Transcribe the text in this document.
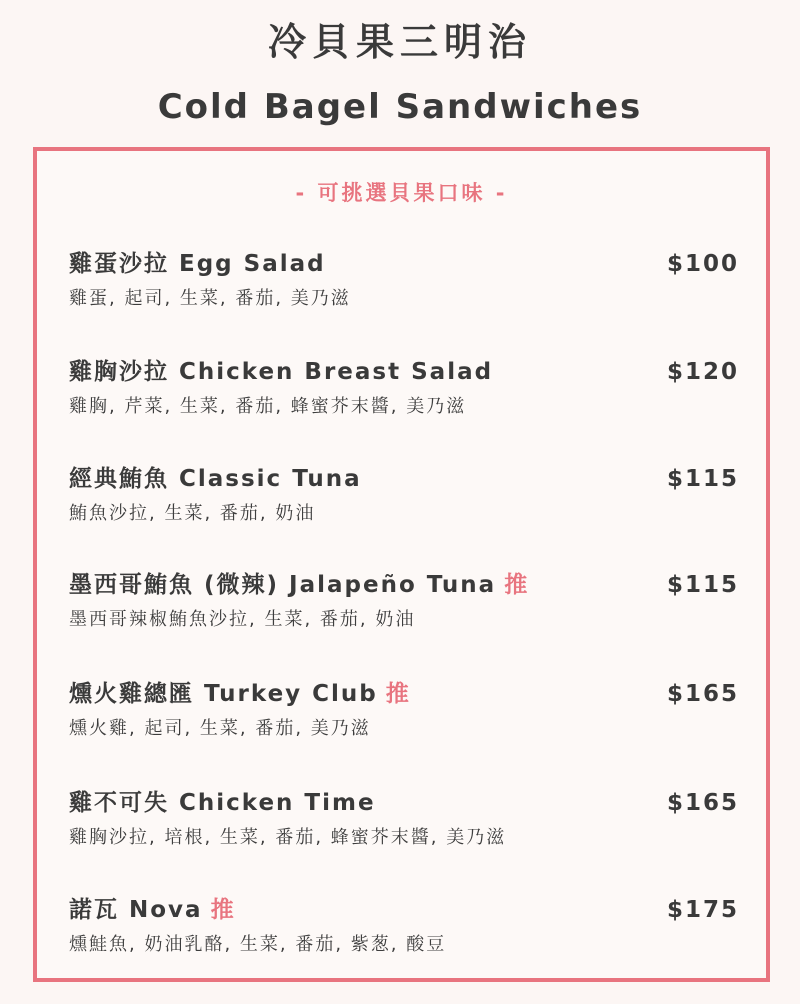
冷貝果三明治
Cold Bagel Sandwiches
- 可挑選貝果口味 -
雞蛋沙拉 Egg Salad	$100
雞蛋, 起司, 生菜, 番茄, 美乃滋
雞胸沙拉 Chicken Breast Salad	$120
雞胸, 芹菜, 生菜, 番茄, 蜂蜜芥末醬, 美乃滋
經典鮪魚 Classic Tuna	$115
鮪魚沙拉, 生菜, 番茄, 奶油
墨西哥鮪魚 (微辣) Jalapeño Tuna 推	$115
墨西哥辣椒鮪魚沙拉, 生菜, 番茄, 奶油
燻火雞總匯 Turkey Club 推	$165
燻火雞, 起司, 生菜, 番茄, 美乃滋
雞不可失 Chicken Time	$165
雞胸沙拉, 培根, 生菜, 番茄, 蜂蜜芥末醬, 美乃滋
諾瓦 Nova 推	$175
燻鮭魚, 奶油乳酪, 生菜, 番茄, 紫葱, 酸豆
